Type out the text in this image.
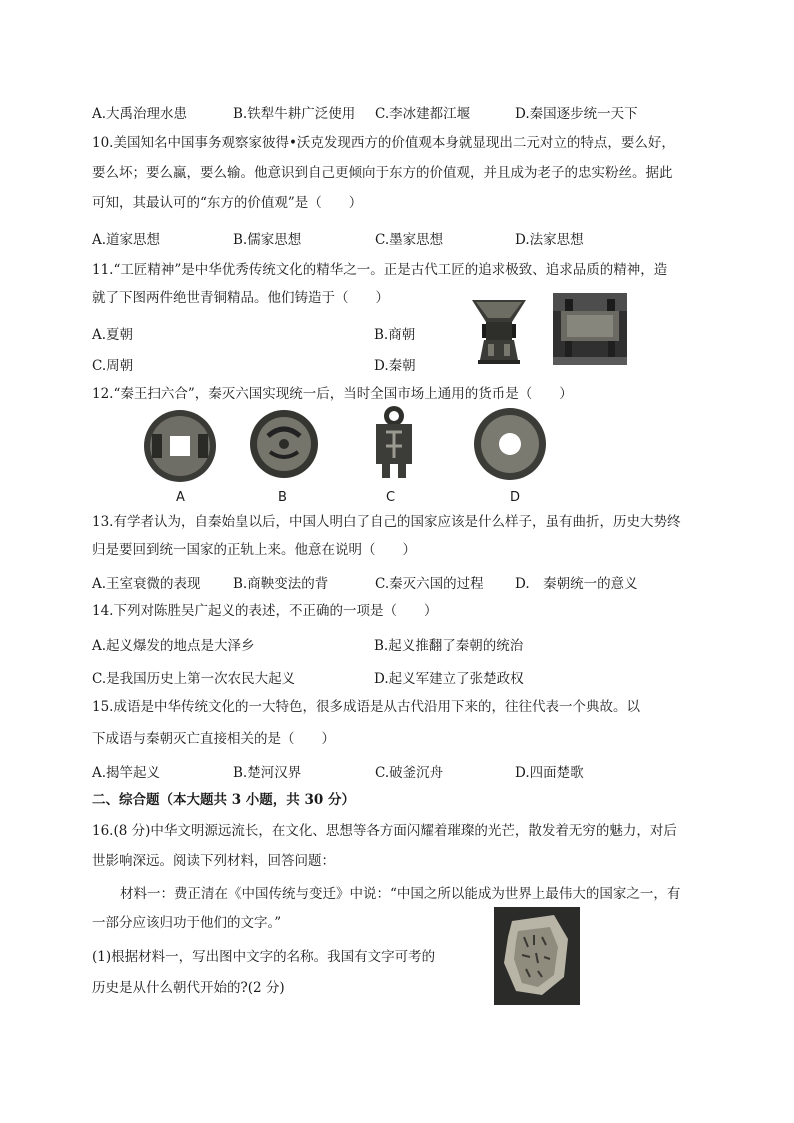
A.大禹治理水患	B.铁犁牛耕广泛使用 C.李冰建都江堰	D.秦国逐步统一天下
10.美国知名中国事务观察家彼得•沃克发现西方的价值观本身就显现出二元对立的特点，要么好，
要么坏；要么赢，要么输。他意识到自己更倾向于东方的价值观，并且成为老子的忠实粉丝。据此
可知，其最认可的“东方的价值观”是（　　）
A.道家思想	B.儒家思想	C.墨家思想	D.法家思想
11.“工匠精神”是中华优秀传统文化的精华之一。正是古代工匠的追求极致、追求品质的精神，造
就了下图两件绝世青铜精品。他们铸造于（　　）
A.夏朝	B.商朝
C.周朝	D.秦朝
12.“秦王扫六合”，秦灭六国实现统一后，当时全国市场上通用的货币是（　　）
A	B	C	D
13.有学者认为，自秦始皇以后，中国人明白了自己的国家应该是什么样子，虽有曲折，历史大势终
归是要回到统一国家的正轨上来。他意在说明（　　）
A.王室衰微的表现 B.商鞅变法的背	C.秦灭六国的过程 D.　秦朝统一的意义
14.下列对陈胜吴广起义的表述，不正确的一项是（　　）
A.起义爆发的地点是大泽乡	B.起义推翻了秦朝的统治
C.是我国历史上第一次农民大起义	D.起义军建立了张楚政权
15.成语是中华传统文化的一大特色，很多成语是从古代沿用下来的，往往代表一个典故。以
下成语与秦朝灭亡直接相关的是（　　）
A.揭竿起义	B.楚河汉界	C.破釜沉舟	D.四面楚歌
二、综合题（本大题共 3 小题，共 30 分）
16.(8 分)中华文明源远流长，在文化、思想等各方面闪耀着璀璨的光芒，散发着无穷的魅力，对后
世影响深远。阅读下列材料，回答问题：
材料一：费正清在《中国传统与变迁》中说：“中国之所以能成为世界上最伟大的国家之一，有
一部分应该归功于他们的文字。”
(1)根据材料一，写出图中文字的名称。我国有文字可考的
历史是从什么朝代开始的?(2 分)
